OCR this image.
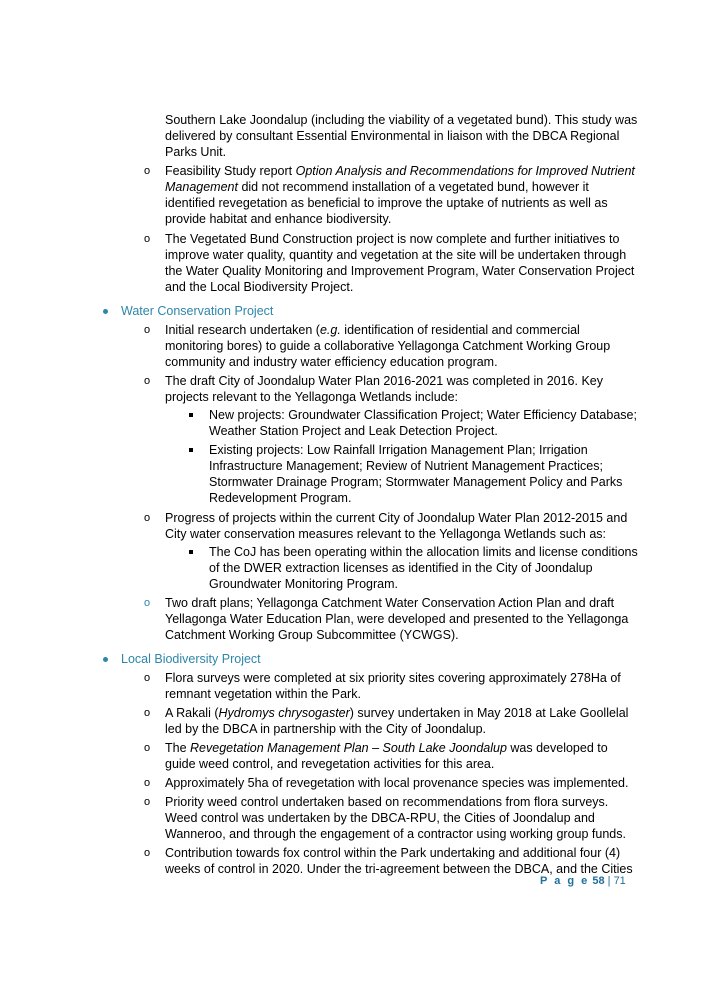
Southern Lake Joondalup (including the viability of a vegetated bund). This study was

delivered by consultant Essential Environmental in liaison with the DBCA Regional

Parks Unit.

o Feasibility Study report Option Analysis and Recommendations for Improved Nutrient

Management did not recommend installation of a vegetated bund, however it

identified revegetation as beneficial to improve the uptake of nutrients as well as

provide habitat and enhance biodiversity.

o The Vegetated Bund Construction project is now complete and further initiatives to

improve water quality, quantity and vegetation at the site will be undertaken through

the Water Quality Monitoring and Improvement Program, Water Conservation Project

and the Local Biodiversity Project.

Water Conservation Project

o Initial research undertaken (e.g. identification of residential and commercial

monitoring bores) to guide a collaborative Yellagonga Catchment Working Group

community and industry water efficiency education program.

o The draft City of Joondalup Water Plan 2016-2021 was completed in 2016. Key

projects relevant to the Yellagonga Wetlands include:

New projects: Groundwater Classification Project; Water Efficiency Database;

Weather Station Project and Leak Detection Project.

Existing projects: Low Rainfall Irrigation Management Plan; Irrigation

Infrastructure Management; Review of Nutrient Management Practices;

Stormwater Drainage Program; Stormwater Management Policy and Parks

Redevelopment Program.

o Progress of projects within the current City of Joondalup Water Plan 2012-2015 and

City water conservation measures relevant to the Yellagonga Wetlands such as:

The CoJ has been operating within the allocation limits and license conditions

of the DWER extraction licenses as identified in the City of Joondalup

Groundwater Monitoring Program.

o Two draft plans; Yellagonga Catchment Water Conservation Action Plan and draft

Yellagonga Water Education Plan, were developed and presented to the Yellagonga

Catchment Working Group Subcommittee (YCWGS).

Local Biodiversity Project

o Flora surveys were completed at six priority sites covering approximately 278Ha of

remnant vegetation within the Park.

o A Rakali (Hydromys chrysogaster) survey undertaken in May 2018 at Lake Goollelal

led by the DBCA in partnership with the City of Joondalup.

o The Revegetation Management Plan – South Lake Joondalup was developed to

guide weed control, and revegetation activities for this area.

o Approximately 5ha of revegetation with local provenance species was implemented.

o Priority weed control undertaken based on recommendations from flora surveys.

Weed control was undertaken by the DBCA-RPU, the Cities of Joondalup and

Wanneroo, and through the engagement of a contractor using working group funds.

o Contribution towards fox control within the Park undertaking and additional four (4)

weeks of control in 2020. Under the tri-agreement between the DBCA, and the Cities

P a g e 58 | 71
